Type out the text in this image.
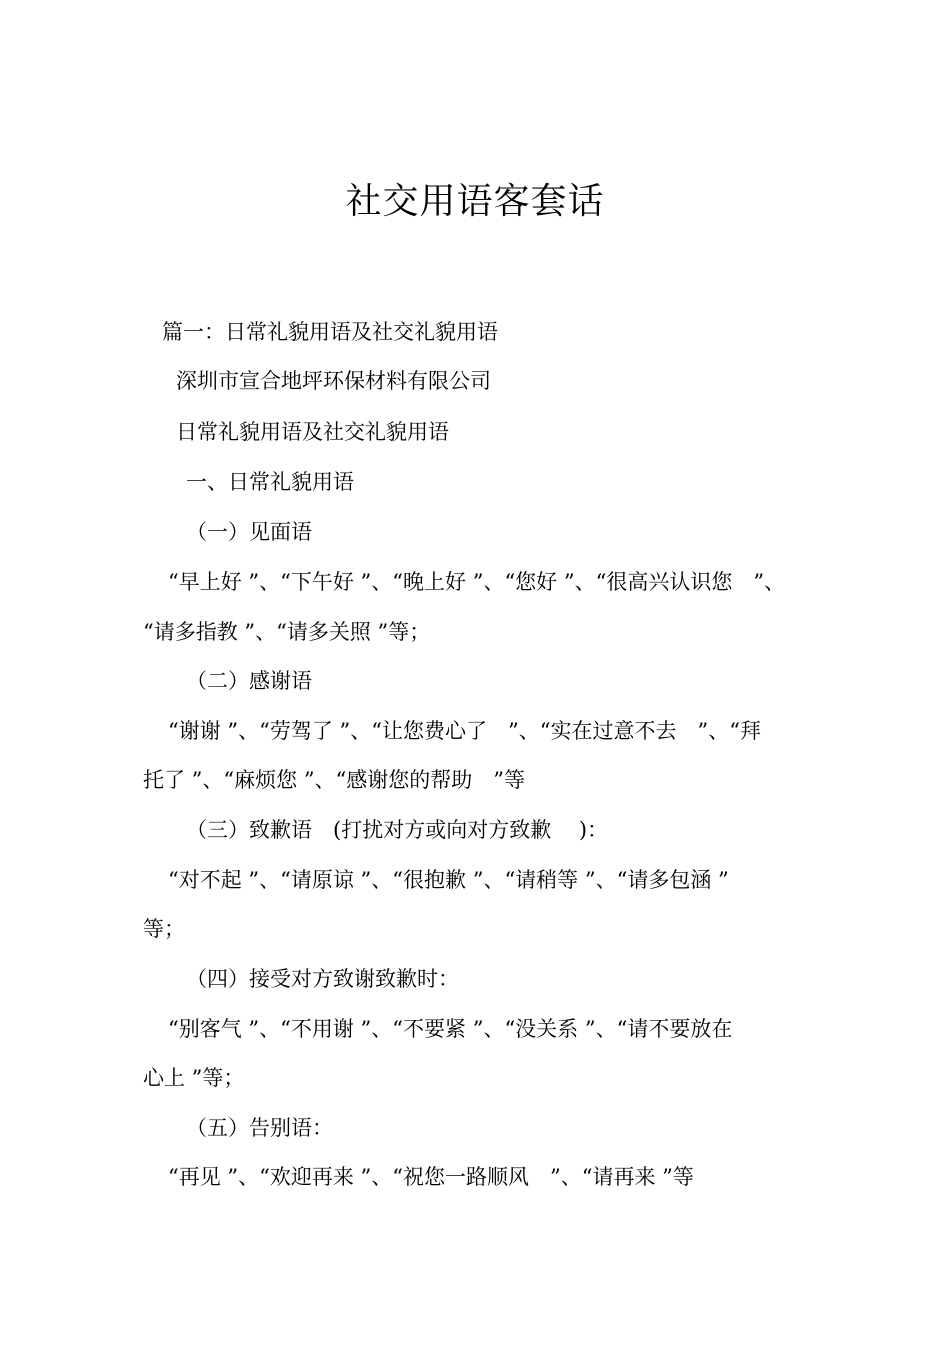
社交用语客套话
篇一：日常礼貌用语及社交礼貌用语
深圳市宣合地坪环保材料有限公司
日常礼貌用语及社交礼貌用语
一、日常礼貌用语
（一）见面语
“早上好 ”、“下午好 ”、“晚上好 ”、“您好 ”、“很高兴认识您　”、
“请多指教 ”、“请多关照 ”等；
（二）感谢语
“谢谢 ”、“劳驾了 ”、“让您费心了　”、“实在过意不去　”、“拜
托了 ”、“麻烦您 ”、“感谢您的帮助　”等
（三）致歉语　(打扰对方或向对方致歉　 )：
“对不起 ”、“请原谅 ”、“很抱歉 ”、“请稍等 ”、“请多包涵 ”
等；
（四）接受对方致谢致歉时：
“别客气 ”、“不用谢 ”、“不要紧 ”、“没关系 ”、“请不要放在
心上 ”等；
（五）告别语：
“再见 ”、“欢迎再来 ”、“祝您一路顺风　”、“请再来 ”等
